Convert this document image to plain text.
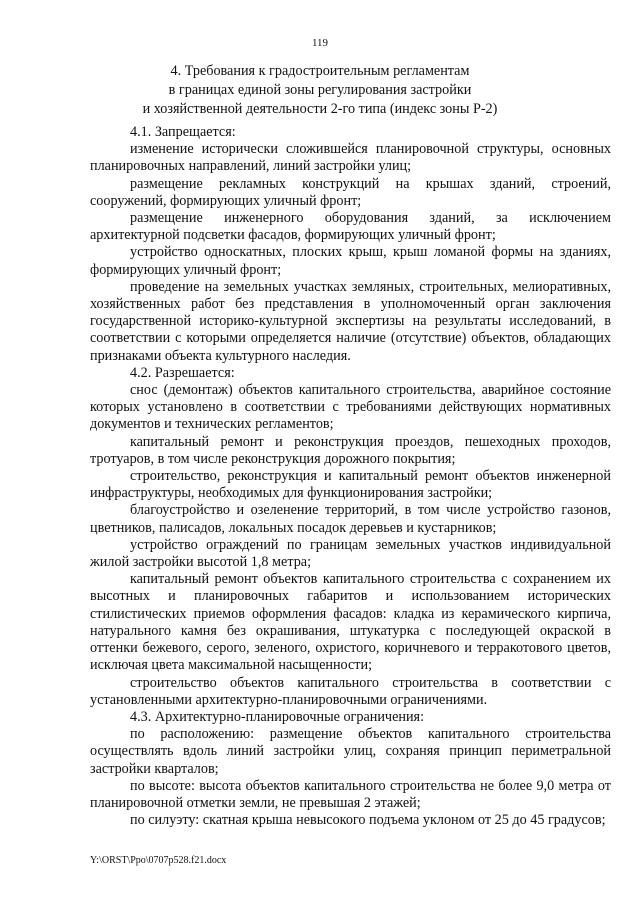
119
4. Требования к градостроительным регламентам
в границах единой зоны регулирования застройки
и хозяйственной деятельности 2-го типа (индекс зоны Р-2)

4.1. Запрещается:

изменение исторически сложившейся планировочной структуры, основных планировочных направлений, линий застройки улиц;

размещение рекламных конструкций на крышах зданий, строений, сооружений, формирующих уличный фронт;

размещение инженерного оборудования зданий, за исключением архитектурной подсветки фасадов, формирующих уличный фронт;

устройство односкатных, плоских крыш, крыш ломаной формы на зданиях, формирующих уличный фронт;

проведение на земельных участках земляных, строительных, мелиоративных, хозяйственных работ без представления в уполномоченный орган заключения государственной историко-культурной экспертизы на результаты исследований, в соответствии с которыми определяется наличие (отсутствие) объектов, обладающих признаками объекта культурного наследия.

4.2. Разрешается:

снос (демонтаж) объектов капитального строительства, аварийное состояние которых установлено в соответствии с требованиями действующих нормативных документов и технических регламентов;

капитальный ремонт и реконструкция проездов, пешеходных проходов, тротуаров, в том числе реконструкция дорожного покрытия;

строительство, реконструкция и капитальный ремонт объектов инженерной инфраструктуры, необходимых для функционирования застройки;

благоустройство и озеленение территорий, в том числе устройство газонов, цветников, палисадов, локальных посадок деревьев и кустарников;

устройство ограждений по границам земельных участков индивидуальной жилой застройки высотой 1,8 метра;

капитальный ремонт объектов капитального строительства с сохранением их высотных и планировочных габаритов и использованием исторических стилистических приемов оформления фасадов: кладка из керамического кирпича, натурального камня без окрашивания, штукатурка с последующей окраской в оттенки бежевого, серого, зеленого, охристого, коричневого и терракотового цветов, исключая цвета максимальной насыщенности;

строительство объектов капитального строительства в соответствии с установленными архитектурно-планировочными ограничениями.

4.3. Архитектурно-планировочные ограничения:

по расположению: размещение объектов капитального строительства осуществлять вдоль линий застройки улиц, сохраняя принцип периметральной застройки кварталов;

по высоте: высота объектов капитального строительства не более 9,0 метра от планировочной отметки земли, не превышая 2 этажей;

по силуэту: скатная крыша невысокого подъема уклоном от 25 до 45 градусов;

Y:\ORST\Ppo\0707p528.f21.docx
